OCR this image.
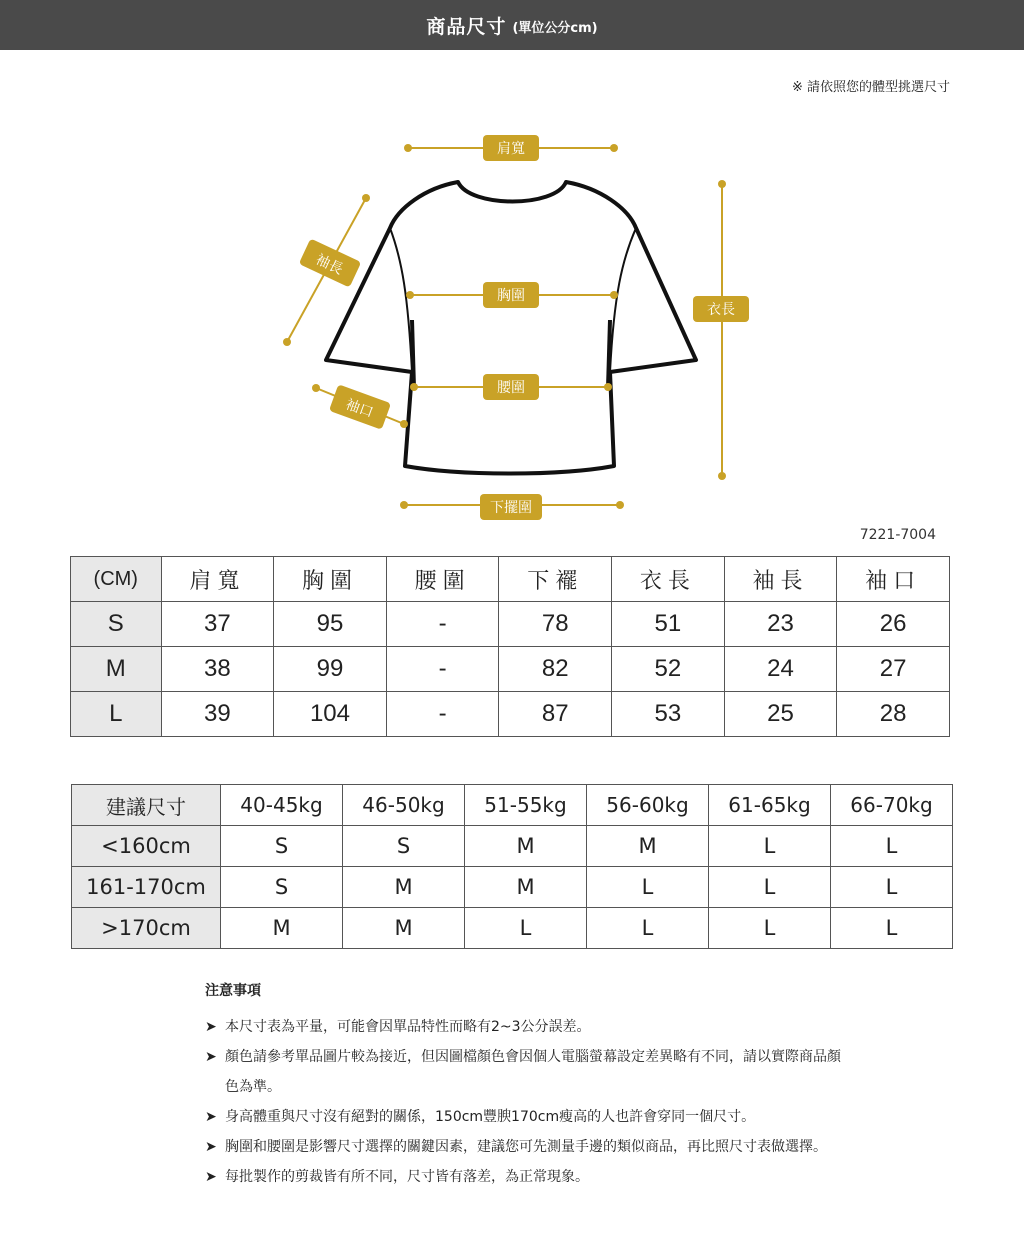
商品尺寸 (單位公分cm)
※ 請依照您的體型挑選尺寸
肩寬
袖長
胸圍
衣長
腰圍
袖口
下擺圍
7221-7004
(CM)	肩寬	胸圍	腰圍	下襬	衣長	袖長	袖口
S	37	95	-	78	51	23	26
M	38	99	-	82	52	24	27
L	39	104	-	87	53	25	28
建議尺寸	40-45kg	46-50kg	51-55kg	56-60kg	61-65kg	66-70kg
<160cm	S	S	M	M	L	L
161-170cm	S	M	M	L	L	L
>170cm	M	M	L	L	L	L
注意事項
➤ 本尺寸表為平量，可能會因單品特性而略有2~3公分誤差。
➤ 顏色請參考單品圖片較為接近，但因圖檔顏色會因個人電腦螢幕設定差異略有不同，請以實際商品顏色為準。
➤ 身高體重與尺寸沒有絕對的關係，150cm豐腴170cm瘦高的人也許會穿同一個尺寸。
➤ 胸圍和腰圍是影響尺寸選擇的關鍵因素，建議您可先測量手邊的類似商品，再比照尺寸表做選擇。
➤ 每批製作的剪裁皆有所不同，尺寸皆有落差，為正常現象。
